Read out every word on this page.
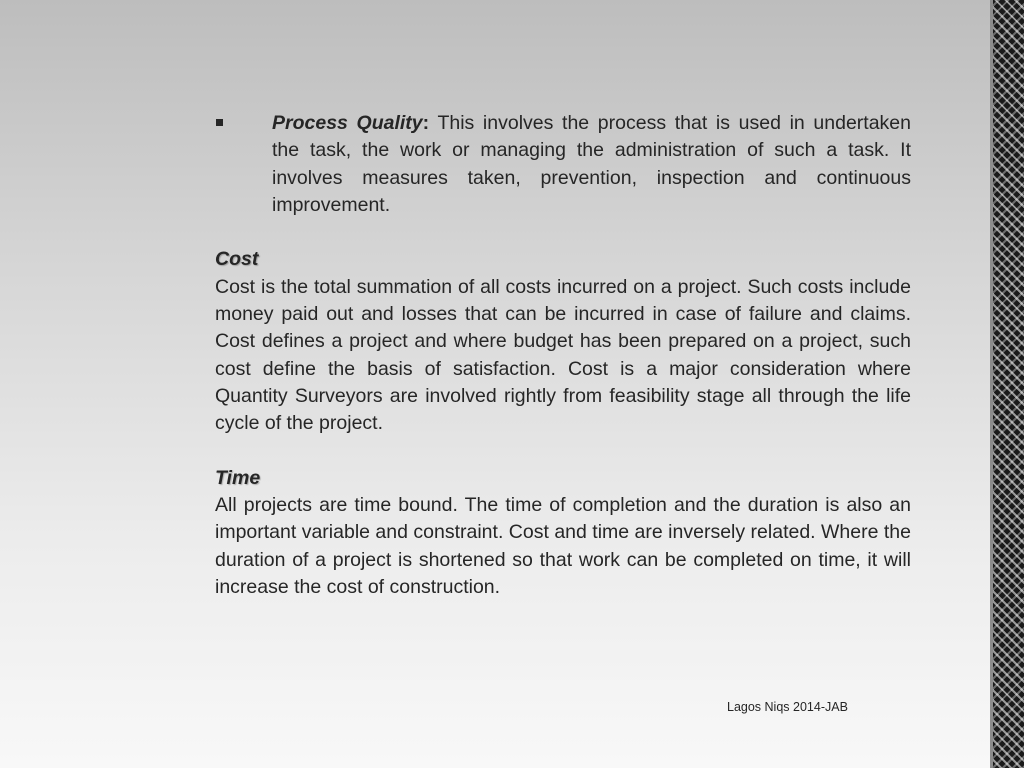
Process Quality: This involves the process that is used in undertaken the task, the work or managing the administration of such a task. It involves measures taken, prevention, inspection and continuous improvement.

Cost

Cost is the total summation of all costs incurred on a project. Such costs include money paid out and losses that can be incurred in case of failure and claims. Cost defines a project and where budget has been prepared on a project, such cost define the basis of satisfaction. Cost is a major consideration where Quantity Surveyors are involved rightly from feasibility stage all through the life cycle of the project.

Time

All projects are time bound. The time of completion and the duration is also an important variable and constraint. Cost and time are inversely related. Where the duration of a project is shortened so that work can be completed on time, it will increase the cost of construction.

Lagos Niqs 2014-JAB
